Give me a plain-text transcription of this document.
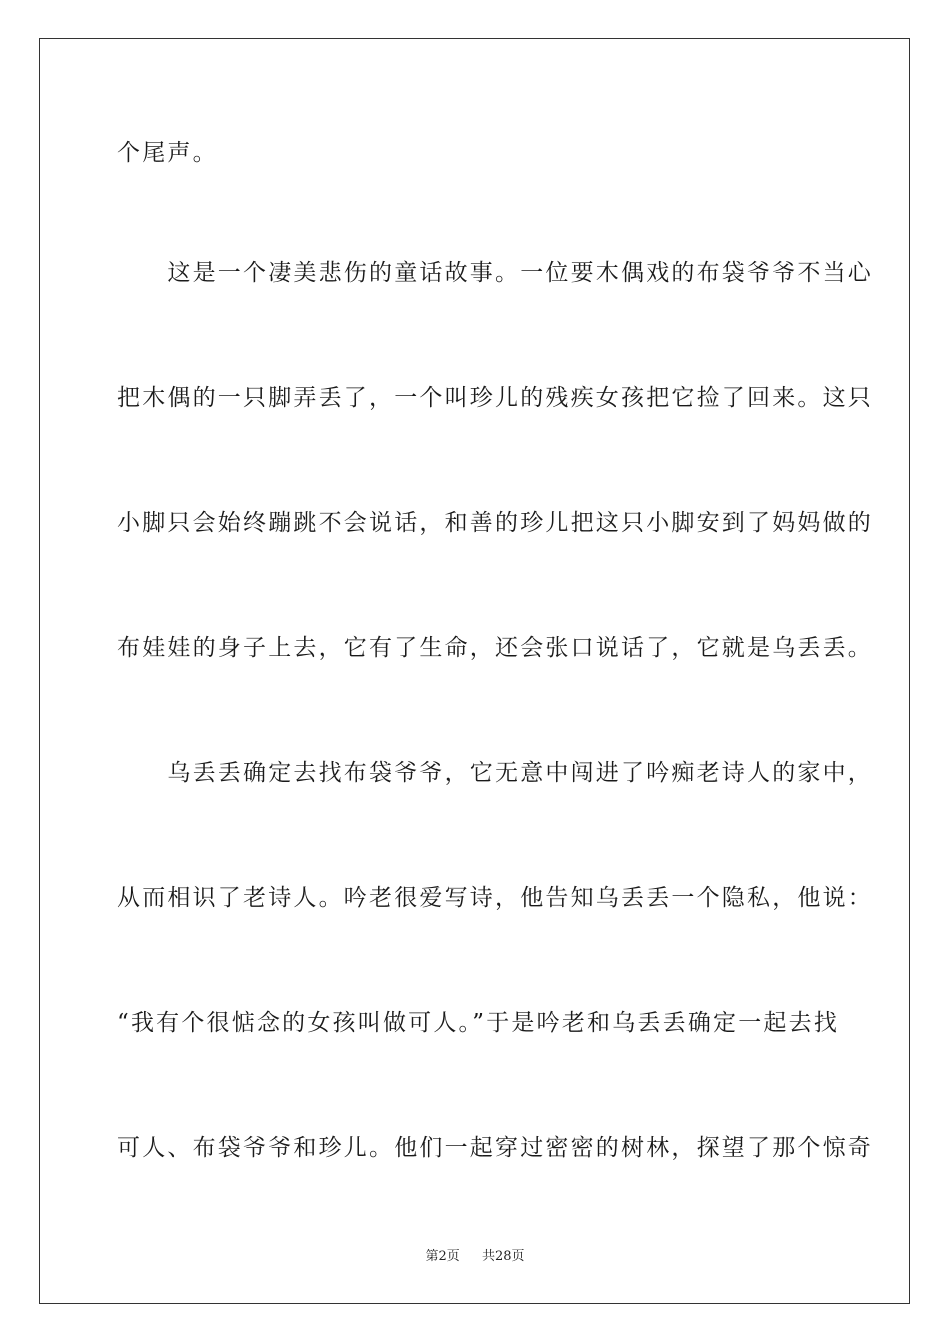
个尾声。
　　这是一个凄美悲伤的童话故事。一位要木偶戏的布袋爷爷不当心
把木偶的一只脚弄丢了，一个叫珍儿的残疾女孩把它捡了回来。这只
小脚只会始终蹦跳不会说话，和善的珍儿把这只小脚安到了妈妈做的
布娃娃的身子上去，它有了生命，还会张口说话了，它就是乌丢丢。
　　乌丢丢确定去找布袋爷爷，它无意中闯进了吟痴老诗人的家中，
从而相识了老诗人。吟老很爱写诗，他告知乌丢丢一个隐私，他说：
“我有个很惦念的女孩叫做可人。”于是吟老和乌丢丢确定一起去找
可人、布袋爷爷和珍儿。他们一起穿过密密的树林，探望了那个惊奇
第2页 共28页
